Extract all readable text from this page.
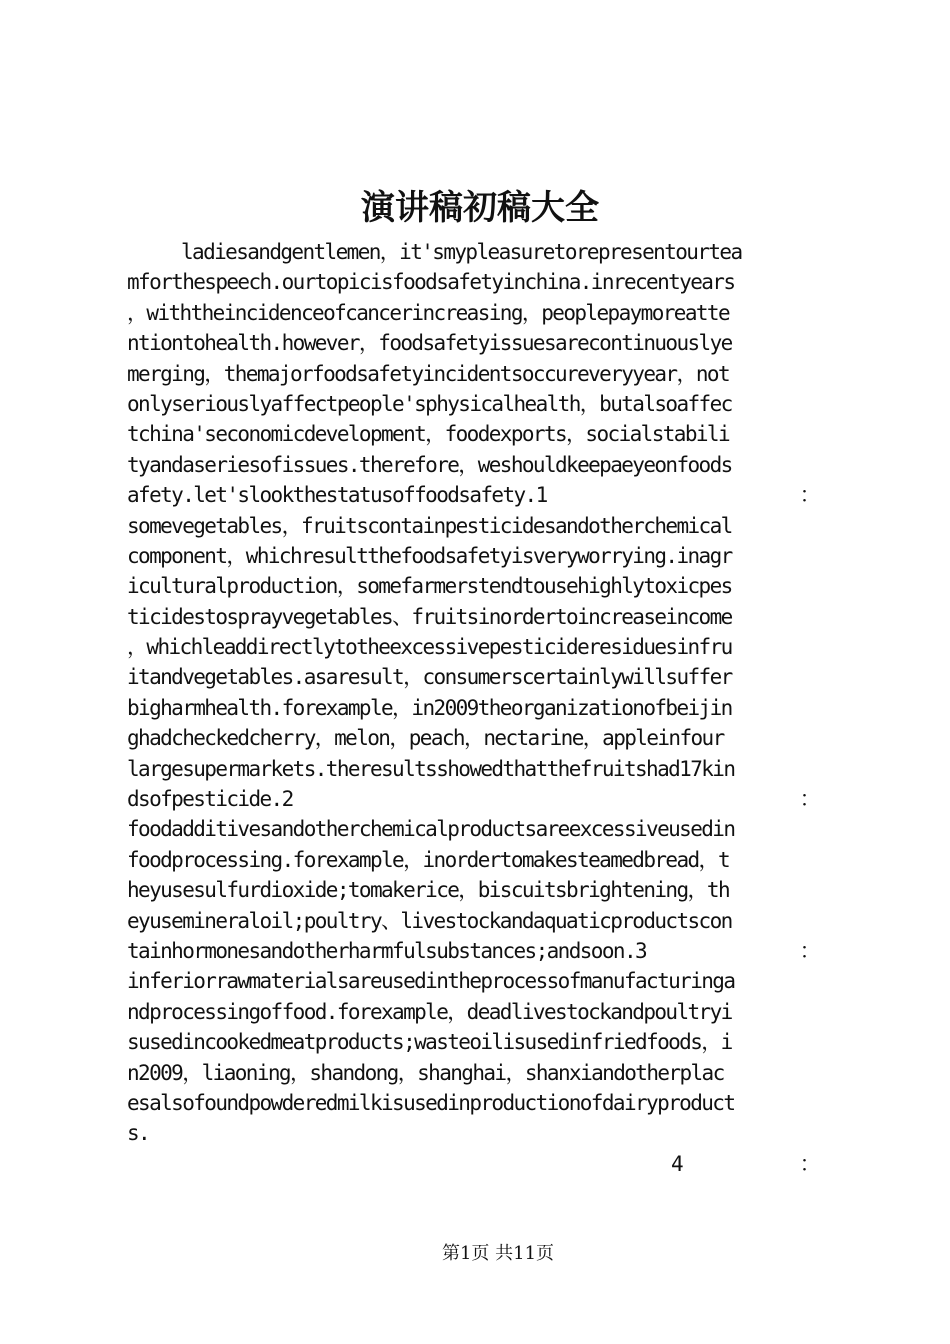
演讲稿初稿大全
ladiesandgentlemen，it'smypleasuretorepresentourtea
mforthespeech.ourtopicisfoodsafetyinchina.inrecentyears
，withtheincidenceofcancerincreasing，peoplepaymoreatte
ntiontohealth.however，foodsafetyissuesarecontinuouslye
merging，themajorfoodsafetyincidentsoccureveryyear，not
onlyseriouslyaffectpeople'sphysicalhealth，butalsoaffec
tchina'seconomicdevelopment，foodexports，socialstabili
tyandaseriesofissues.therefore，weshouldkeepaeyeonfoods
afety.let'slookthestatusoffoodsafety.1	：
somevegetables，fruitscontainpesticidesandotherchemical
component，whichresultthefoodsafetyisveryworrying.inagr
iculturalproduction，somefarmerstendtousehighlytoxicpes
ticidestosprayvegetables、fruitsinordertoincreaseincome
，whichleaddirectlytotheexcessivepesticideresiduesinfru
itandvegetables.asaresult，consumerscertainlywillsuffer
bigharmhealth.forexample，in2009theorganizationofbeijin
ghadcheckedcherry，melon，peach，nectarine，appleinfour
largesupermarkets.theresultsshowedthatthefruitshad17kin
dsofpesticide.2	：
foodadditivesandotherchemicalproductsareexcessiveusedin
foodprocessing.forexample，inordertomakesteamedbread，t
heyusesulfurdioxide;tomakerice，biscuitsbrightening，th
eyusemineraloil;poultry、livestockandaquaticproductscon
tainhormonesandotherharmfulsubstances;andsoon.3	：
inferiorrawmaterialsareusedintheprocessofmanufacturinga
ndprocessingoffood.forexample，deadlivestockandpoultryi
susedincookedmeatproducts;wasteoilisusedinfriedfoods，i
n2009，liaoning，shandong，shanghai，shanxiandotherplac
esalsofoundpowderedmilkisusedinproductionofdairyproduct
s.
4	：
第1页 共11页
